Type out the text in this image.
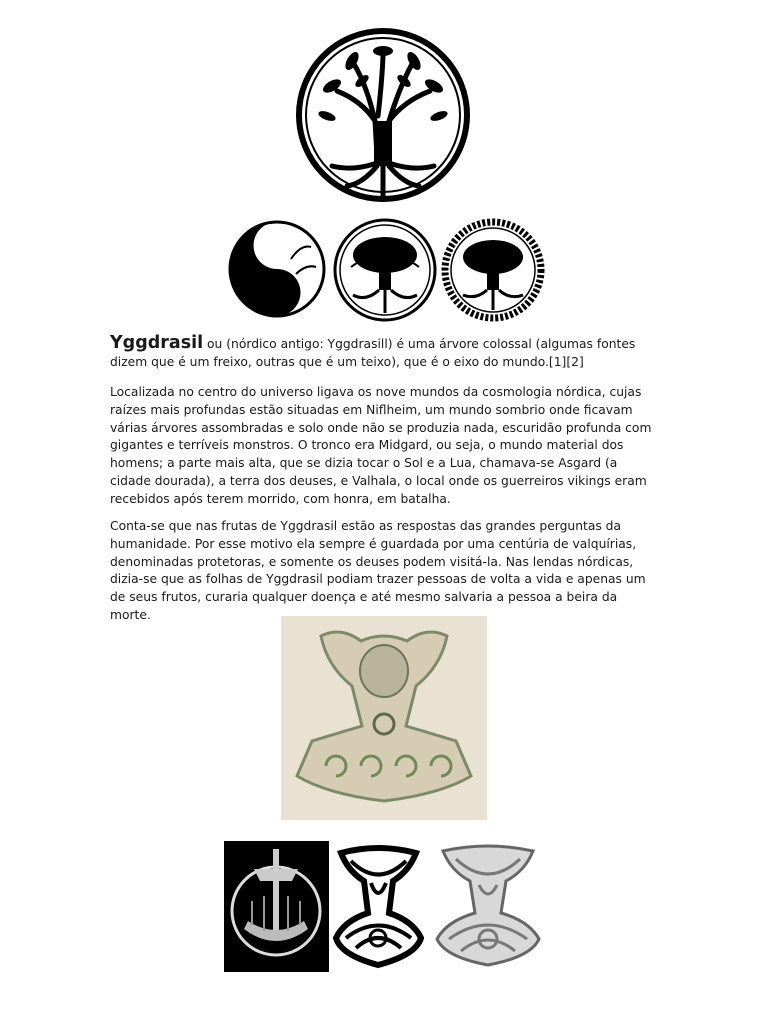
Yggdrasil ou (nórdico antigo: Yggdrasill) é uma árvore colossal (algumas fontes dizem que é um freixo, outras que é um teixo), que é o eixo do mundo.[1][2]

Localizada no centro do universo ligava os nove mundos da cosmologia nórdica, cujas raízes mais profundas estão situadas em Niflheim, um mundo sombrio onde ficavam várias árvores assombradas e solo onde não se produzia nada, escuridão profunda com gigantes e terríveis monstros. O tronco era Midgard, ou seja, o mundo material dos homens; a parte mais alta, que se dizia tocar o Sol e a Lua, chamava-se Asgard (a cidade dourada), a terra dos deuses, e Valhala, o local onde os guerreiros vikings eram recebidos após terem morrido, com honra, em batalha.

Conta-se que nas frutas de Yggdrasil estão as respostas das grandes perguntas da humanidade. Por esse motivo ela sempre é guardada por uma centúria de valquírias, denominadas protetoras, e somente os deuses podem visitá-la. Nas lendas nórdicas, dizia-se que as folhas de Yggdrasil podiam trazer pessoas de volta a vida e apenas um de seus frutos, curaria qualquer doença e até mesmo salvaria a pessoa a beira da morte.
